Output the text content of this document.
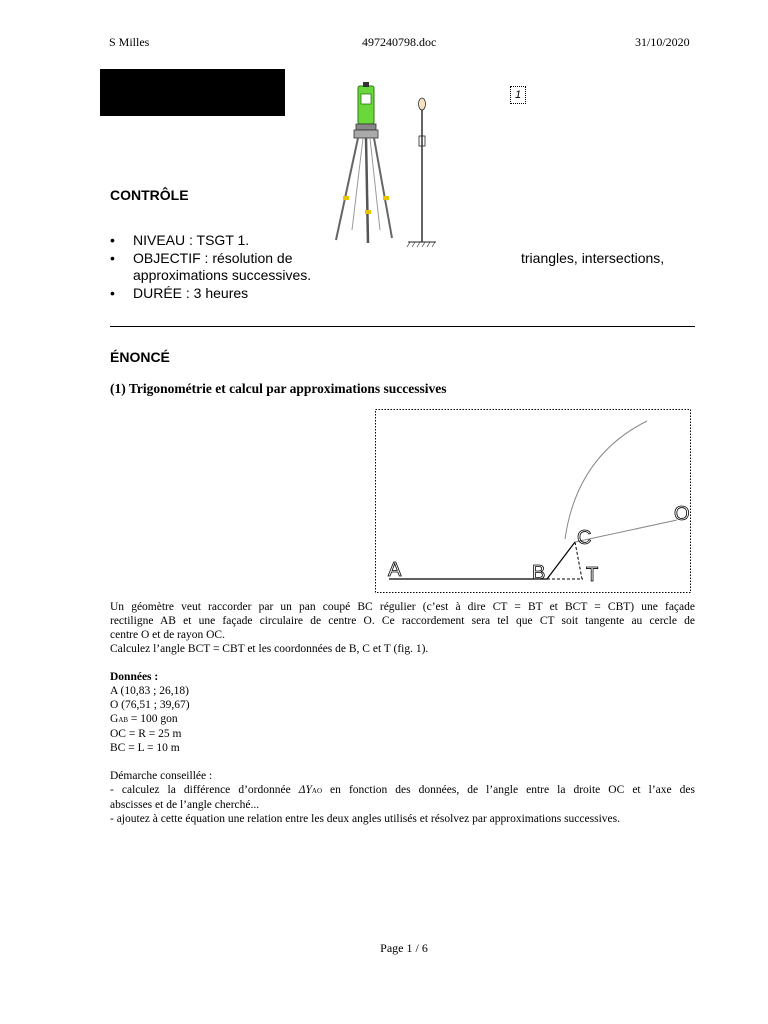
S Milles	497240798.doc	31/10/2020
1
CONTRÔLE
• NIVEAU : TSGT 1.
• OBJECTIF : résolution de	triangles, intersections,
approximations successives.
• DURÉE : 3 heures
ÉNONCÉ
(1) Trigonométrie et calcul par approximations successives
A	B
C
T
O
Un géomètre veut raccorder par un pan coupé BC régulier (c’est à dire CT = BT et BCT = CBT) une façade
rectiligne AB et une façade circulaire de centre O. Ce raccordement sera tel que CT soit tangente au cercle de
centre O et de rayon OC.
Calculez l’angle BCT = CBT et les coordonnées de B, C et T (fig. 1).
Données :
A (10,83 ; 26,18)
O (76,51 ; 39,67)
GAB = 100 gon
OC = R = 25 m
BC = L = 10 m
Démarche conseillée :
- calculez la différence d’ordonnée ΔYAO en fonction des données, de l’angle entre la droite OC et l’axe des
abscisses et de l’angle cherché...
- ajoutez à cette équation une relation entre les deux angles utilisés et résolvez par approximations successives.
Page 1 / 6
